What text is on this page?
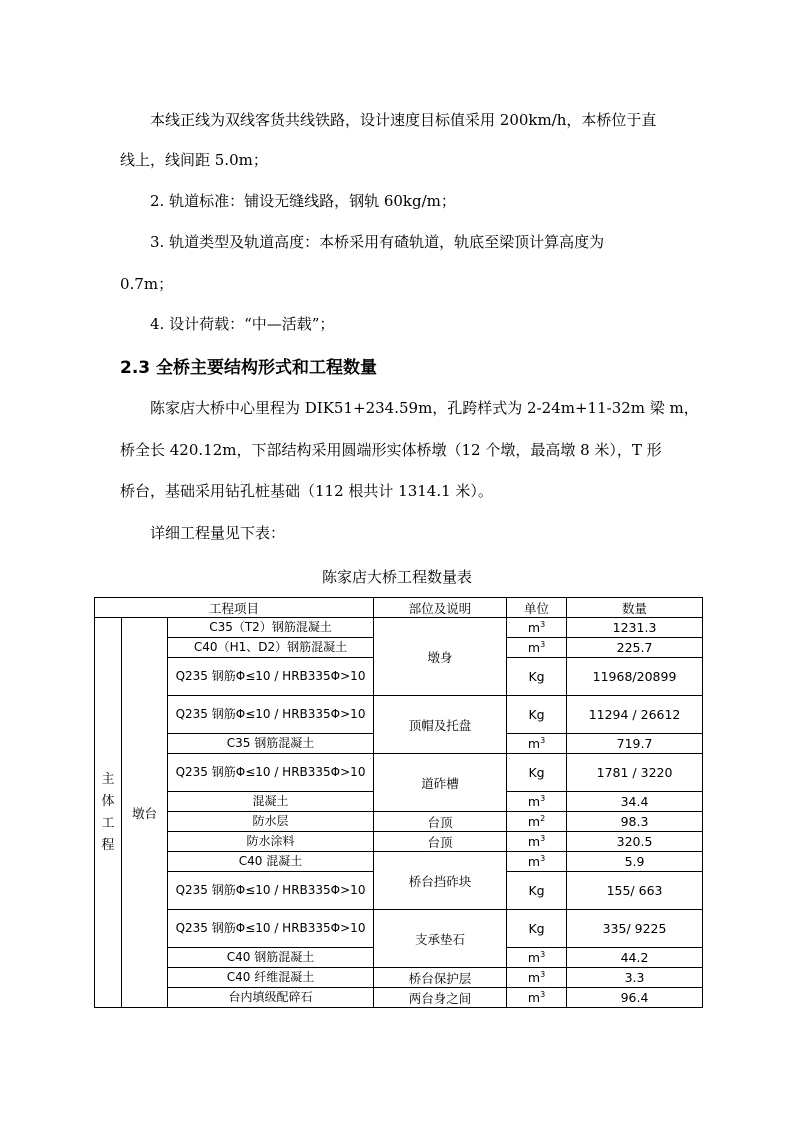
本线正线为双线客货共线铁路，设计速度目标值采用 200km/h，本桥位于直
线上，线间距 5.0m；
2. 轨道标准：铺设无缝线路，钢轨 60kg/m；
3. 轨道类型及轨道高度：本桥采用有碴轨道，轨底至梁顶计算高度为
0.7m；
4. 设计荷载：“中—活载”；
2.3 全桥主要结构形式和工程数量
陈家店大桥中心里程为 DIK51+234.59m，孔跨样式为 2-24m+11-32m 梁 m，
桥全长 420.12m，下部结构采用圆端形实体桥墩（12 个墩，最高墩 8 米），T 形
桥台，基础采用钻孔桩基础（112 根共计 1314.1 米）。
详细工程量见下表：
陈家店大桥工程数量表
工程项目			部位及说明	单位	数量
主体工程	墩台	C35（T2）钢筋混凝土	墩身	$m^3$	1231.3
		C40（H1、D2）钢筋混凝土		$m^3$	225.7
		Q235 钢筋Φ≤10 / HRB335Φ>10		Kg	11968/20899
		Q235 钢筋Φ≤10 / HRB335Φ>10	顶帽及托盘	Kg	11294 / 26612
		C35 钢筋混凝土		$m^3$	719.7
		Q235 钢筋Φ≤10 / HRB335Φ>10	道砟槽	Kg	1781 / 3220
		混凝土		$m^3$	34.4
		防水层	台顶	$m^2$	98.3
		防水涂料	台顶	$m^3$	320.5
		C40 混凝土	桥台挡砟块	$m^3$	5.9
		Q235 钢筋Φ≤10 / HRB335Φ>10		Kg	155/ 663
		Q235 钢筋Φ≤10 / HRB335Φ>10	支承垫石	Kg	335/ 9225
		C40 钢筋混凝土		$m^3$	44.2
		C40 纤维混凝土	桥台保护层	$m^3$	3.3
		台内填级配碎石	两台身之间	$m^3$	96.4
